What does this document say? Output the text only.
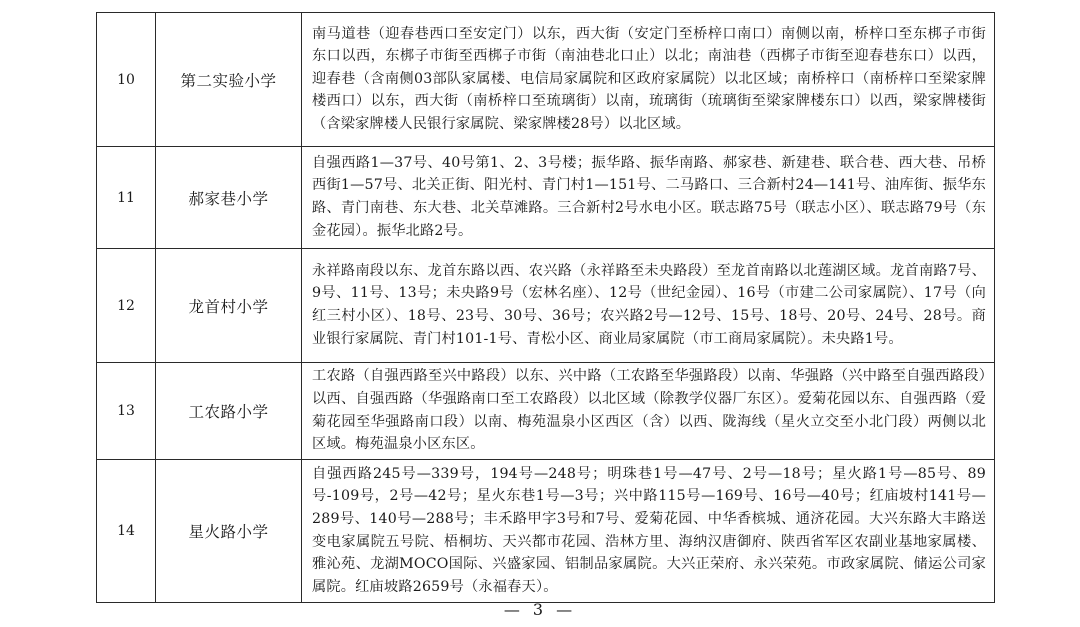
10	第二实验小学	南马道巷（迎春巷西口至安定门）以东，西大街（安定门至桥梓口南口）南侧以南，桥梓口至东梆子市街东口以西，东梆子市街至西梆子市街（南油巷北口止）以北；南油巷（西梆子市街至迎春巷东口）以西，迎春巷（含南侧03部队家属楼、电信局家属院和区政府家属院）以北区域；南桥梓口（南桥梓口至梁家牌楼西口）以东，西大街（南桥梓口至琉璃街）以南，琉璃街（琉璃街至梁家牌楼东口）以西，梁家牌楼街（含梁家牌楼人民银行家属院、梁家牌楼28号）以北区域。
11	郝家巷小学	自强西路1—37号、40号第1、2、3号楼；振华路、振华南路、郝家巷、新建巷、联合巷、西大巷、吊桥西街1—57号、北关正街、阳光村、青门村1—151号、二马路口、三合新村24—141号、油库街、振华东路、青门南巷、东大巷、北关草滩路。三合新村2号水电小区。联志路75号（联志小区）、联志路79号（东金花园）。振华北路2号。
12	龙首村小学	永祥路南段以东、龙首东路以西、农兴路（永祥路至未央路段）至龙首南路以北莲湖区域。龙首南路7号、9号、11号、13号；未央路9号（宏林名座）、12号（世纪金园）、16号（市建二公司家属院）、17号（向红三村小区）、18号、23号、30号、36号；农兴路2号—12号、15号、18号、20号、24号、28号。商业银行家属院、青门村101-1号、青松小区、商业局家属院（市工商局家属院）。未央路1号。
13	工农路小学	工农路（自强西路至兴中路段）以东、兴中路（工农路至华强路段）以南、华强路（兴中路至自强西路段）以西、自强西路（华强路南口至工农路段）以北区域（除教学仪器厂东区）。爱菊花园以东、自强西路（爱菊花园至华强路南口段）以南、梅苑温泉小区西区（含）以西、陇海线（星火立交至小北门段）两侧以北区域。梅苑温泉小区东区。
14	星火路小学	自强西路245号—339号，194号—248号；明珠巷1号—47号、2号—18号；星火路1号—85号、89号-109号，2号—42号；星火东巷1号—3号；兴中路115号—169号、16号—40号；红庙坡村141号—289号、140号—288号；丰禾路甲字3号和7号、爱菊花园、中华香槟城、通济花园。大兴东路大丰路送变电家属院五号院、梧桐坊、天兴都市花园、浩林方里、海纳汉唐御府、陕西省军区农副业基地家属楼、雅沁苑、龙湖MOCO国际、兴盛家园、铝制品家属院。大兴正荣府、永兴荣苑。市政家属院、储运公司家属院。红庙坡路2659号（永福春天）。
— 3 —
